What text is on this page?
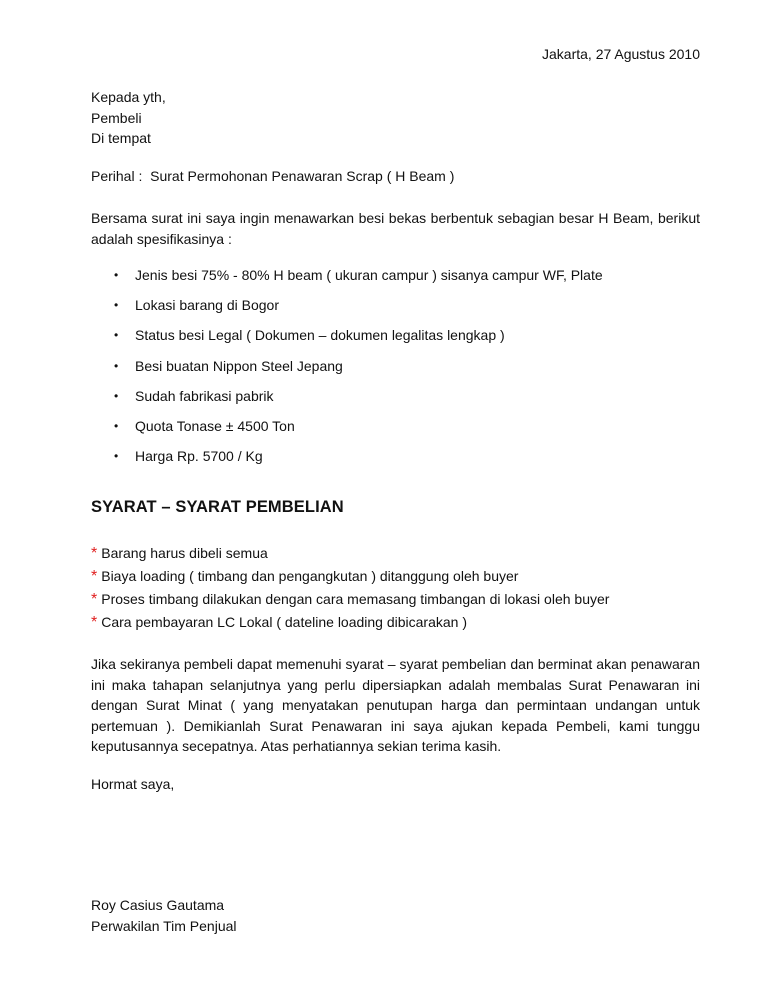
Jakarta, 27 Agustus 2010
Kepada yth,
Pembeli
Di tempat
Perihal :  Surat Permohonan Penawaran Scrap ( H Beam )
Bersama surat ini saya ingin menawarkan besi bekas berbentuk sebagian besar H Beam, berikut adalah spesifikasinya :
• Jenis besi 75% - 80% H beam ( ukuran campur ) sisanya campur WF, Plate
• Lokasi barang di Bogor
• Status besi Legal ( Dokumen – dokumen legalitas lengkap )
• Besi buatan Nippon Steel Jepang
• Sudah fabrikasi pabrik
• Quota Tonase ± 4500 Ton
• Harga Rp. 5700 / Kg
SYARAT – SYARAT PEMBELIAN
* Barang harus dibeli semua
* Biaya loading ( timbang dan pengangkutan ) ditanggung oleh buyer
* Proses timbang dilakukan dengan cara memasang timbangan di lokasi oleh buyer
* Cara pembayaran LC Lokal ( dateline loading dibicarakan )
Jika sekiranya pembeli dapat memenuhi syarat – syarat pembelian dan berminat akan penawaran ini maka tahapan selanjutnya yang perlu dipersiapkan adalah membalas Surat Penawaran ini dengan Surat Minat ( yang menyatakan penutupan harga dan permintaan undangan untuk pertemuan ). Demikianlah Surat Penawaran ini saya ajukan kepada Pembeli, kami tunggu keputusannya secepatnya. Atas perhatiannya sekian terima kasih.
Hormat saya,
Roy Casius Gautama
Perwakilan Tim Penjual
